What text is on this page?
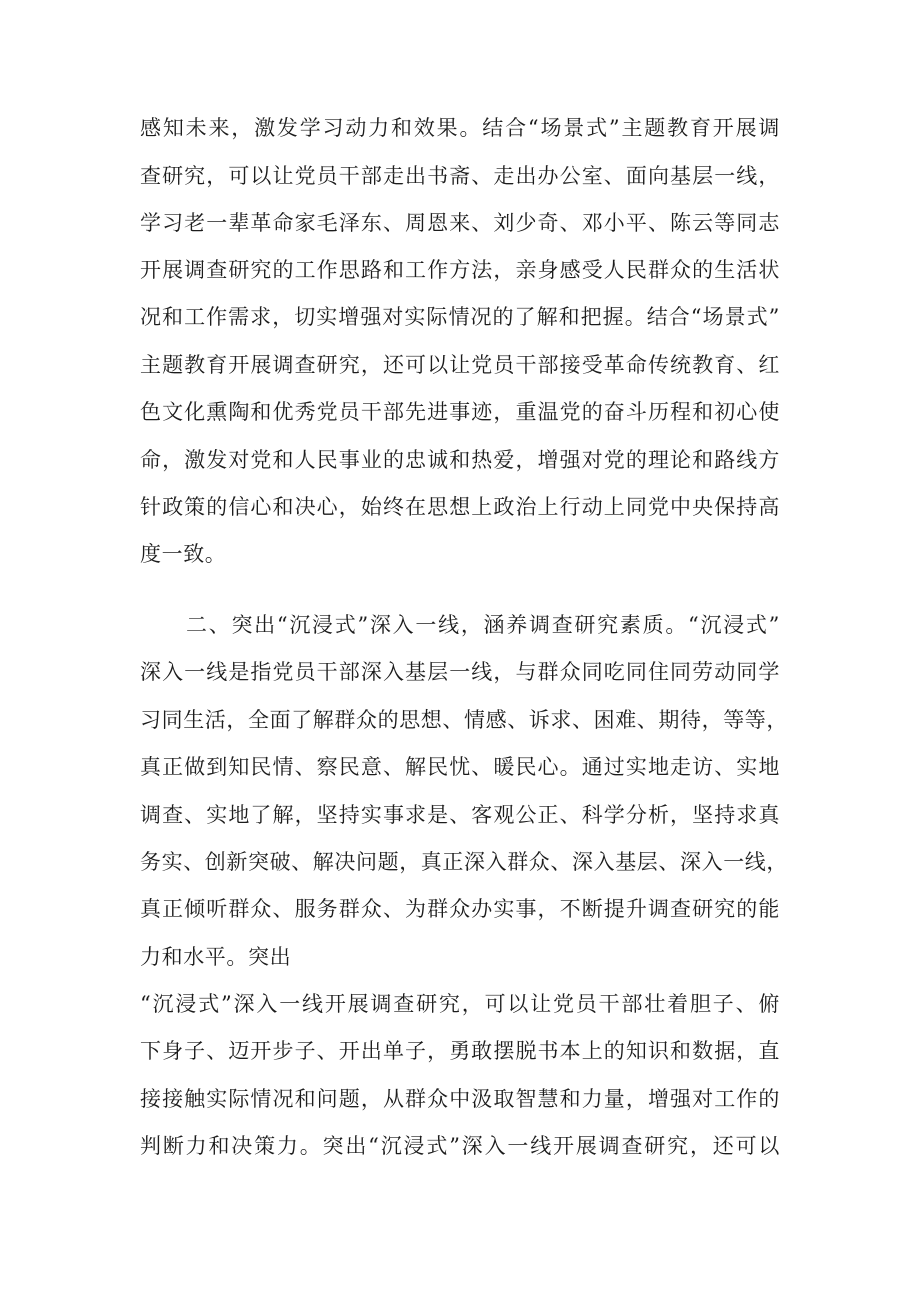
感知未来，激发学习动力和效果。结合“场景式”主题教育开展调
查研究，可以让党员干部走出书斋、走出办公室、面向基层一线，
学习老一辈革命家毛泽东、周恩来、刘少奇、邓小平、陈云等同志
开展调查研究的工作思路和工作方法，亲身感受人民群众的生活状
况和工作需求，切实增强对实际情况的了解和把握。结合“场景式”
主题教育开展调查研究，还可以让党员干部接受革命传统教育、红
色文化熏陶和优秀党员干部先进事迹，重温党的奋斗历程和初心使
命，激发对党和人民事业的忠诚和热爱，增强对党的理论和路线方
针政策的信心和决心，始终在思想上政治上行动上同党中央保持高
度一致。
二、突出“沉浸式”深入一线，涵养调查研究素质。“沉浸式”
深入一线是指党员干部深入基层一线，与群众同吃同住同劳动同学
习同生活，全面了解群众的思想、情感、诉求、困难、期待，等等，
真正做到知民情、察民意、解民忧、暖民心。通过实地走访、实地
调查、实地了解，坚持实事求是、客观公正、科学分析，坚持求真
务实、创新突破、解决问题，真正深入群众、深入基层、深入一线，
真正倾听群众、服务群众、为群众办实事，不断提升调查研究的能
力和水平。突出
“沉浸式”深入一线开展调查研究，可以让党员干部壮着胆子、俯
下身子、迈开步子、开出单子，勇敢摆脱书本上的知识和数据，直
接接触实际情况和问题，从群众中汲取智慧和力量，增强对工作的
判断力和决策力。突出“沉浸式”深入一线开展调查研究，还可以
